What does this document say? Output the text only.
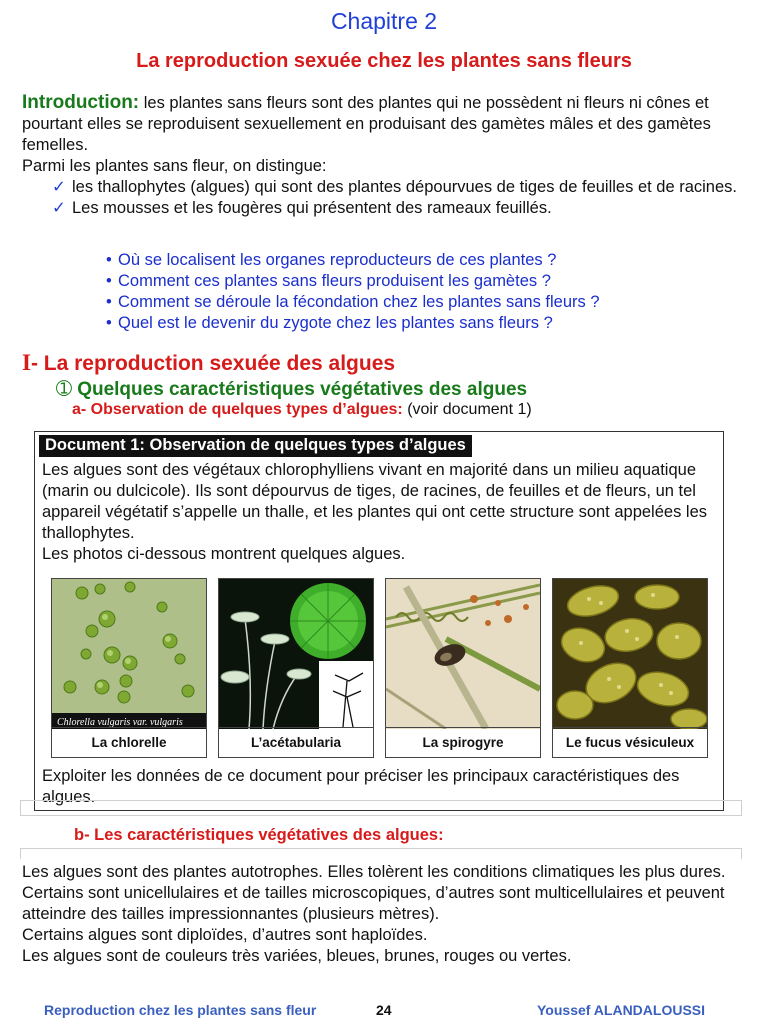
Chapitre 2
La reproduction sexuée chez les plantes sans fleurs

Introduction: les plantes sans fleurs sont des plantes qui ne possèdent ni fleurs ni cônes et pourtant elles se reproduisent sexuellement en produisant des gamètes mâles et des gamètes femelles.

Parmi les plantes sans fleur, on distingue:

✓ les thallophytes (algues) qui sont des plantes dépourvues de tiges de feuilles et de racines.
✓ Les mousses et les fougères qui présentent des rameaux feuillés.
• Où se localisent les organes reproducteurs de ces plantes ?
• Comment ces plantes sans fleurs produisent les gamètes ?
• Comment se déroule la fécondation chez les plantes sans fleurs ?
• Quel est le devenir du zygote chez les plantes sans fleurs ?
I- La reproduction sexuée des algues
➀ Quelques caractéristiques végétatives des algues
a- Observation de quelques types d’algues: (voir document 1)
Document 1: Observation de quelques types d’algues

Les algues sont des végétaux chlorophylliens vivant en majorité dans un milieu aquatique (marin ou dulcicole). Ils sont dépourvus de tiges, de racines, de feuilles et de fleurs, un tel appareil végétatif s’appelle un thalle, et les plantes qui ont cette structure sont appelées les thallophytes.

Les photos ci-dessous montrent quelques algues.

Chlorella vulgaris var. vulgaris
La chlorelle	L’acétabularia	La spirogyre	Le fucus vésiculeux
Exploiter les données de ce document pour préciser les principaux caractéristiques des algues.
b- Les caractéristiques végétatives des algues:

Les algues sont des plantes autotrophes. Elles tolèrent les conditions climatiques les plus dures. Certains sont unicellulaires et de tailles microscopiques, d’autres sont multicellulaires et peuvent atteindre des tailles impressionnantes (plusieurs mètres).

Certains algues sont diploïdes, d’autres sont haploïdes.

Les algues sont de couleurs très variées, bleues, brunes, rouges ou vertes.

Reproduction chez les plantes sans fleur	24	Youssef ALANDALOUSSI
